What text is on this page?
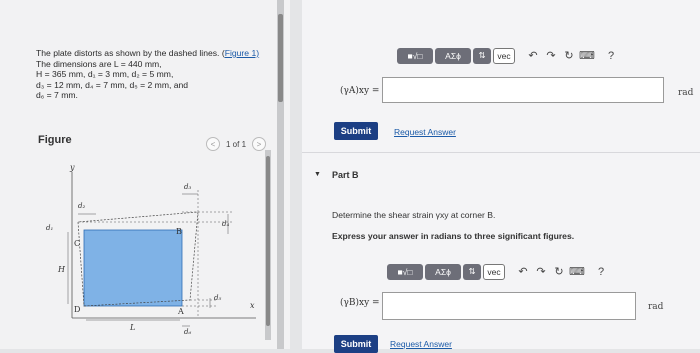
The plate distorts as shown by the dashed lines. (Figure 1) The dimensions are L = 440 mm,

H = 365 mm, d₁ = 3 mm, d₂ = 5 mm,

d₃ = 12 mm, d₄ = 7 mm, d₅ = 2 mm, and

d₆ = 7 mm.

Figure	<	1 of 1	>
y
x
d₁
d₂
d₃
d₄
d₅
d₆
H
L
C
B
D	A
■√□	AΣϕ	⇅	vec	↶ ↷ ↻ ⌨	?
(γA)xy =	rad
Submit	Request Answer
▼ Part B
Determine the shear strain γxy at corner B.
Express your answer in radians to three significant figures.
■√□	AΣϕ	⇅	vec	↶ ↷ ↻ ⌨	?
(γB)xy =	rad
Submit	Request Answer
